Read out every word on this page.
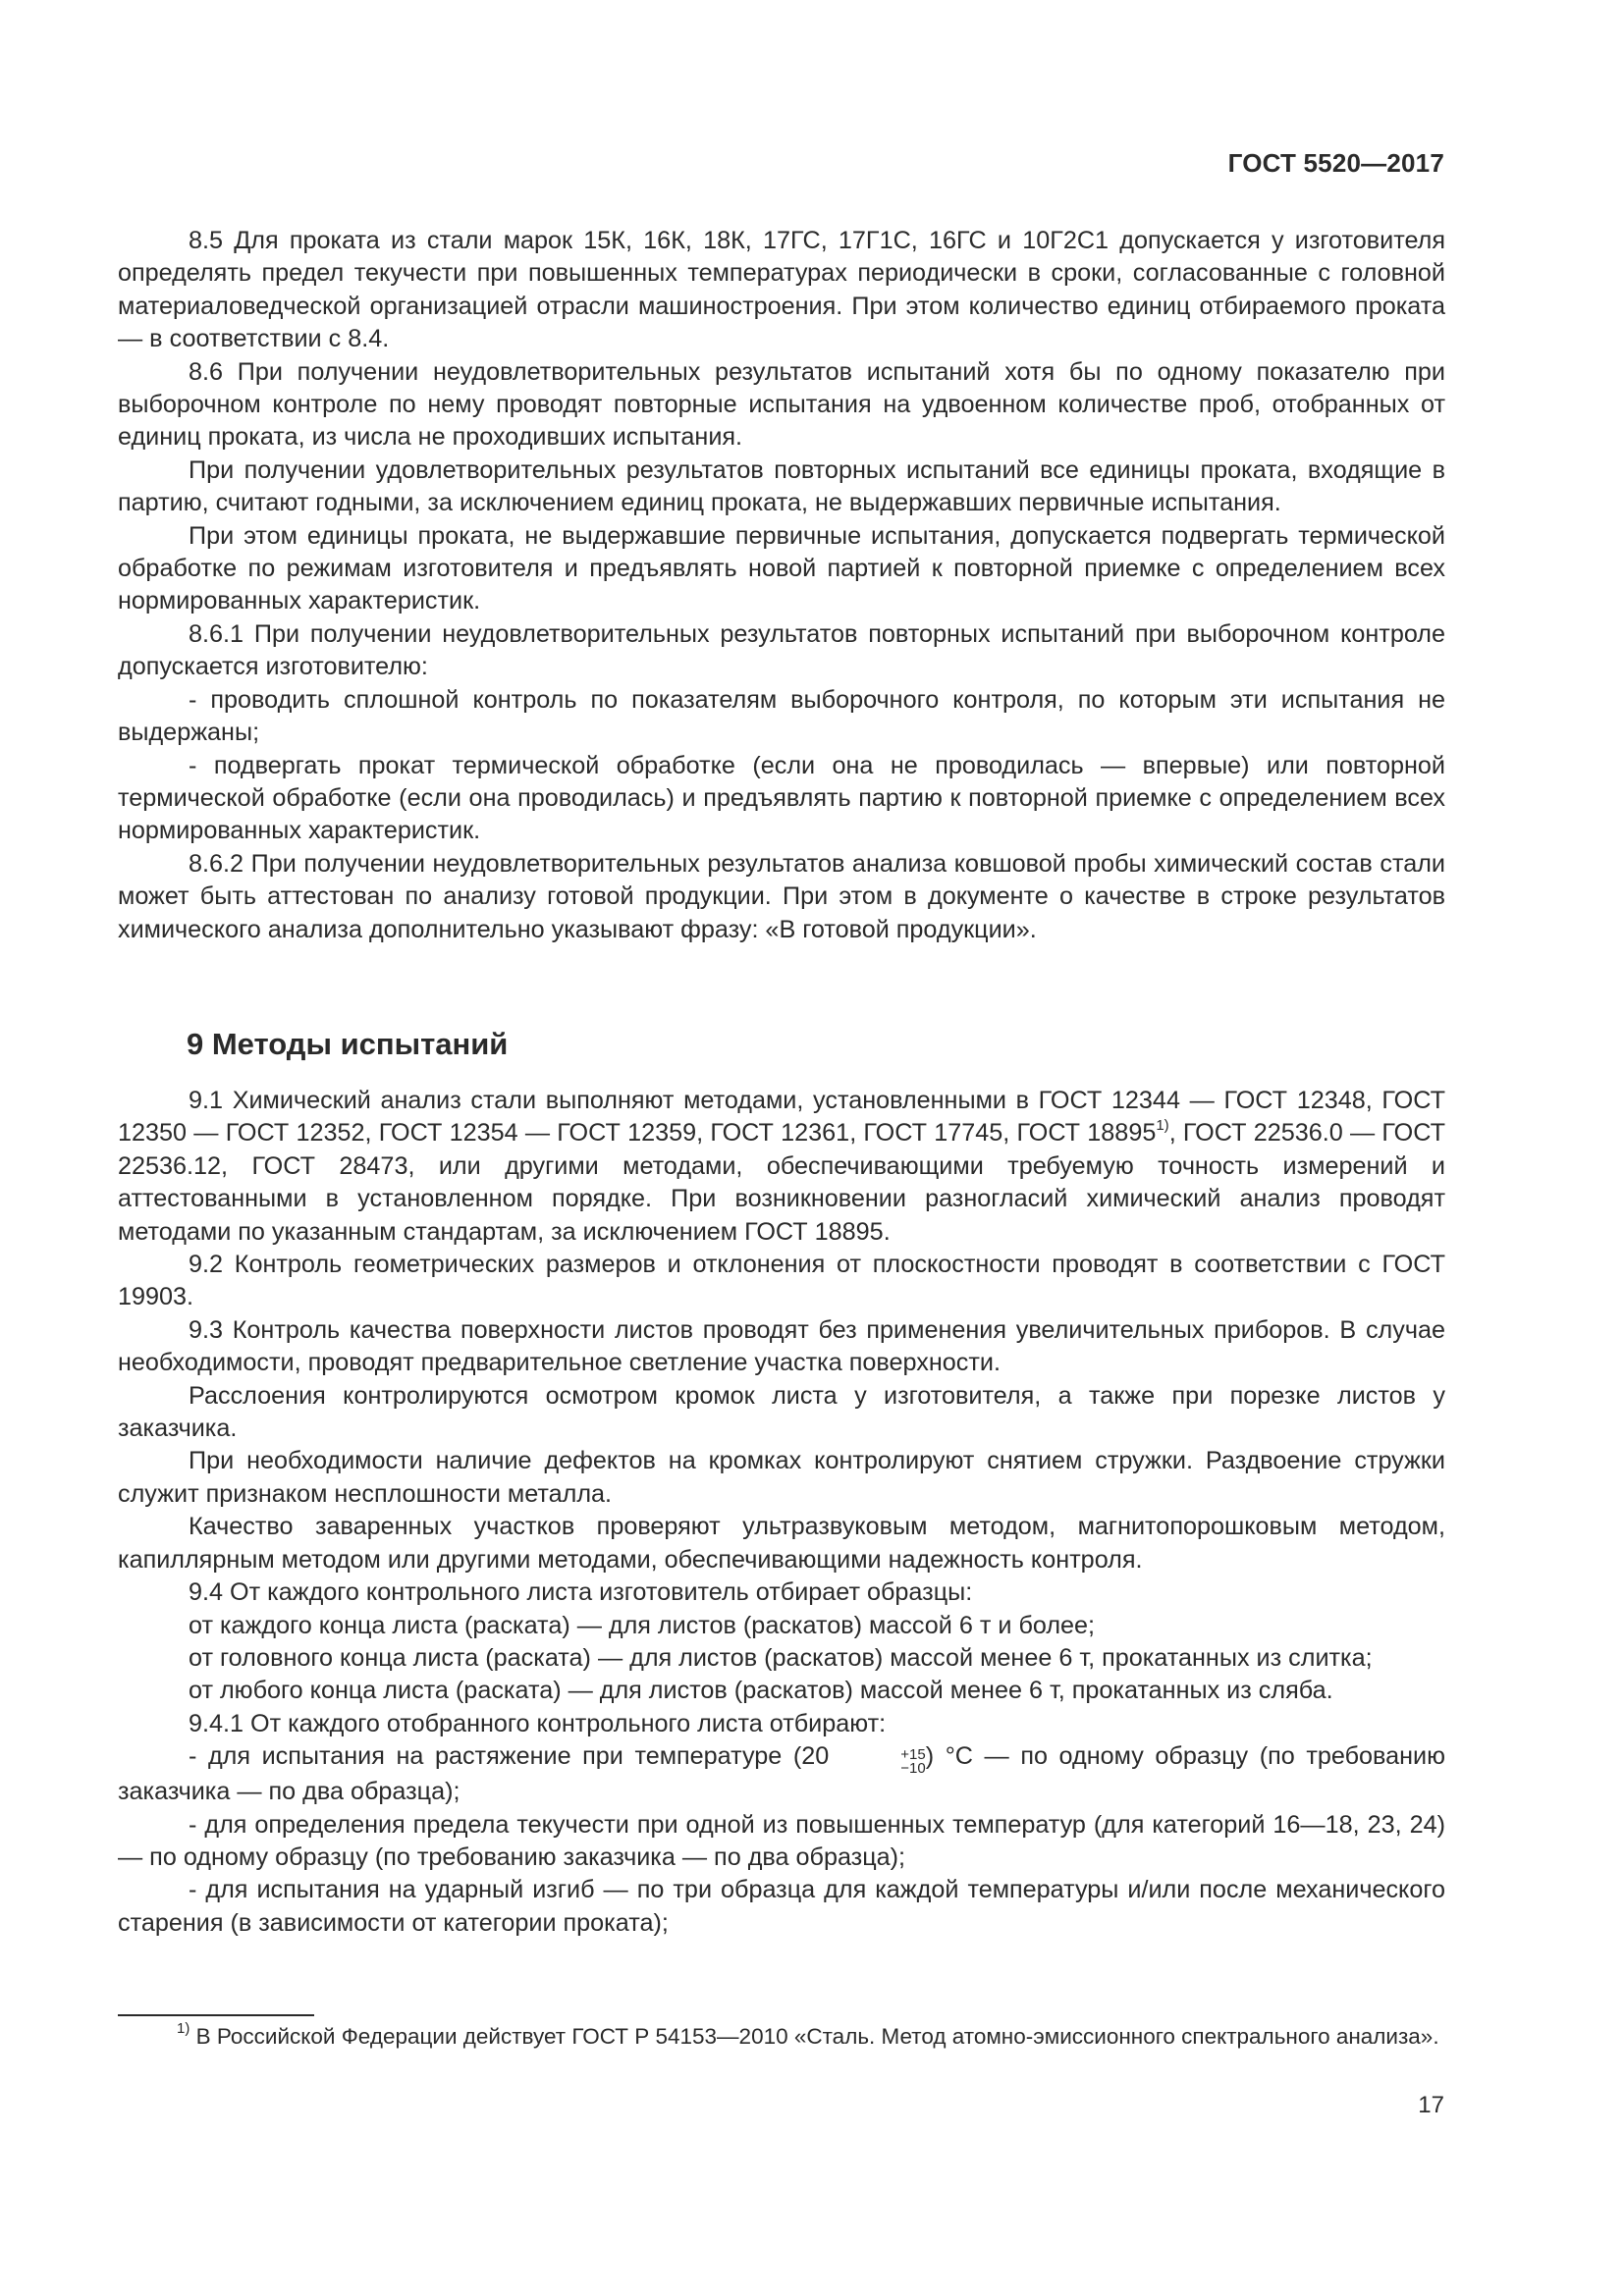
ГОСТ 5520—2017

8.5 Для проката из стали марок 15К, 16К, 18К, 17ГС, 17Г1С, 16ГС и 10Г2С1 допускается у изготовителя определять предел текучести при повышенных температурах периодически в сроки, согласованные с головной материаловедческой организацией отрасли машиностроения. При этом количество единиц отбираемого проката — в соответствии с 8.4.

8.6 При получении неудовлетворительных результатов испытаний хотя бы по одному показателю при выборочном контроле по нему проводят повторные испытания на удвоенном количестве проб, отобранных от единиц проката, из числа не проходивших испытания.

При получении удовлетворительных результатов повторных испытаний все единицы проката, входящие в партию, считают годными, за исключением единиц проката, не выдержавших первичные испытания.

При этом единицы проката, не выдержавшие первичные испытания, допускается подвергать термической обработке по режимам изготовителя и предъявлять новой партией к повторной приемке с определением всех нормированных характеристик.

8.6.1 При получении неудовлетворительных результатов повторных испытаний при выборочном контроле допускается изготовителю:

- проводить сплошной контроль по показателям выборочного контроля, по которым эти испытания не выдержаны;

- подвергать прокат термической обработке (если она не проводилась — впервые) или повторной термической обработке (если она проводилась) и предъявлять партию к повторной приемке с определением всех нормированных характеристик.

8.6.2 При получении неудовлетворительных результатов анализа ковшовой пробы химический состав стали может быть аттестован по анализу готовой продукции. При этом в документе о качестве в строке результатов химического анализа дополнительно указывают фразу: «В готовой продукции».

9 Методы испытаний

9.1 Химический анализ стали выполняют методами, установленными в ГОСТ 12344 — ГОСТ 12348, ГОСТ 12350 — ГОСТ 12352, ГОСТ 12354 — ГОСТ 12359, ГОСТ 12361, ГОСТ 17745, ГОСТ 18895$^{1)}$, ГОСТ 22536.0 — ГОСТ 22536.12, ГОСТ 28473, или другими методами, обеспечивающими требуемую точность измерений и аттестованными в установленном порядке. При возникновении разногласий химический анализ проводят методами по указанным стандартам, за исключением ГОСТ 18895.

9.2 Контроль геометрических размеров и отклонения от плоскостности проводят в соответствии с ГОСТ 19903.

9.3 Контроль качества поверхности листов проводят без применения увеличительных приборов. В случае необходимости, проводят предварительное светление участка поверхности.

Расслоения контролируются осмотром кромок листа у изготовителя, а также при порезке листов у заказчика.

При необходимости наличие дефектов на кромках контролируют снятием стружки. Раздвоение стружки служит признаком несплошности металла.

Качество заваренных участков проверяют ультразвуковым методом, магнитопорошковым методом, капиллярным методом или другими методами, обеспечивающими надежность контроля.

9.4 От каждого контрольного листа изготовитель отбирает образцы:

от каждого конца листа (раската) — для листов (раскатов) массой 6 т и более;

от головного конца листа (раската) — для листов (раскатов) массой менее 6 т, прокатанных из слитка;

от любого конца листа (раската) — для листов (раскатов) массой менее 6 т, прокатанных из сляба.

9.4.1 От каждого отобранного контрольного листа отбирают:

- для испытания на растяжение при температуре (20	+15
−10 ) °С — по одному образцу (по требованию заказчика — по два образца);

- для определения предела текучести при одной из повышенных температур (для категорий 16—18, 23, 24) — по одному образцу (по требованию заказчика — по два образца);

- для испытания на ударный изгиб — по три образца для каждой температуры и/или после механического старения (в зависимости от категории проката);

$^{1)}$ В Российской Федерации действует ГОСТ Р 54153—2010 «Сталь. Метод атомно-эмиссионного спектрального анализа».

17
